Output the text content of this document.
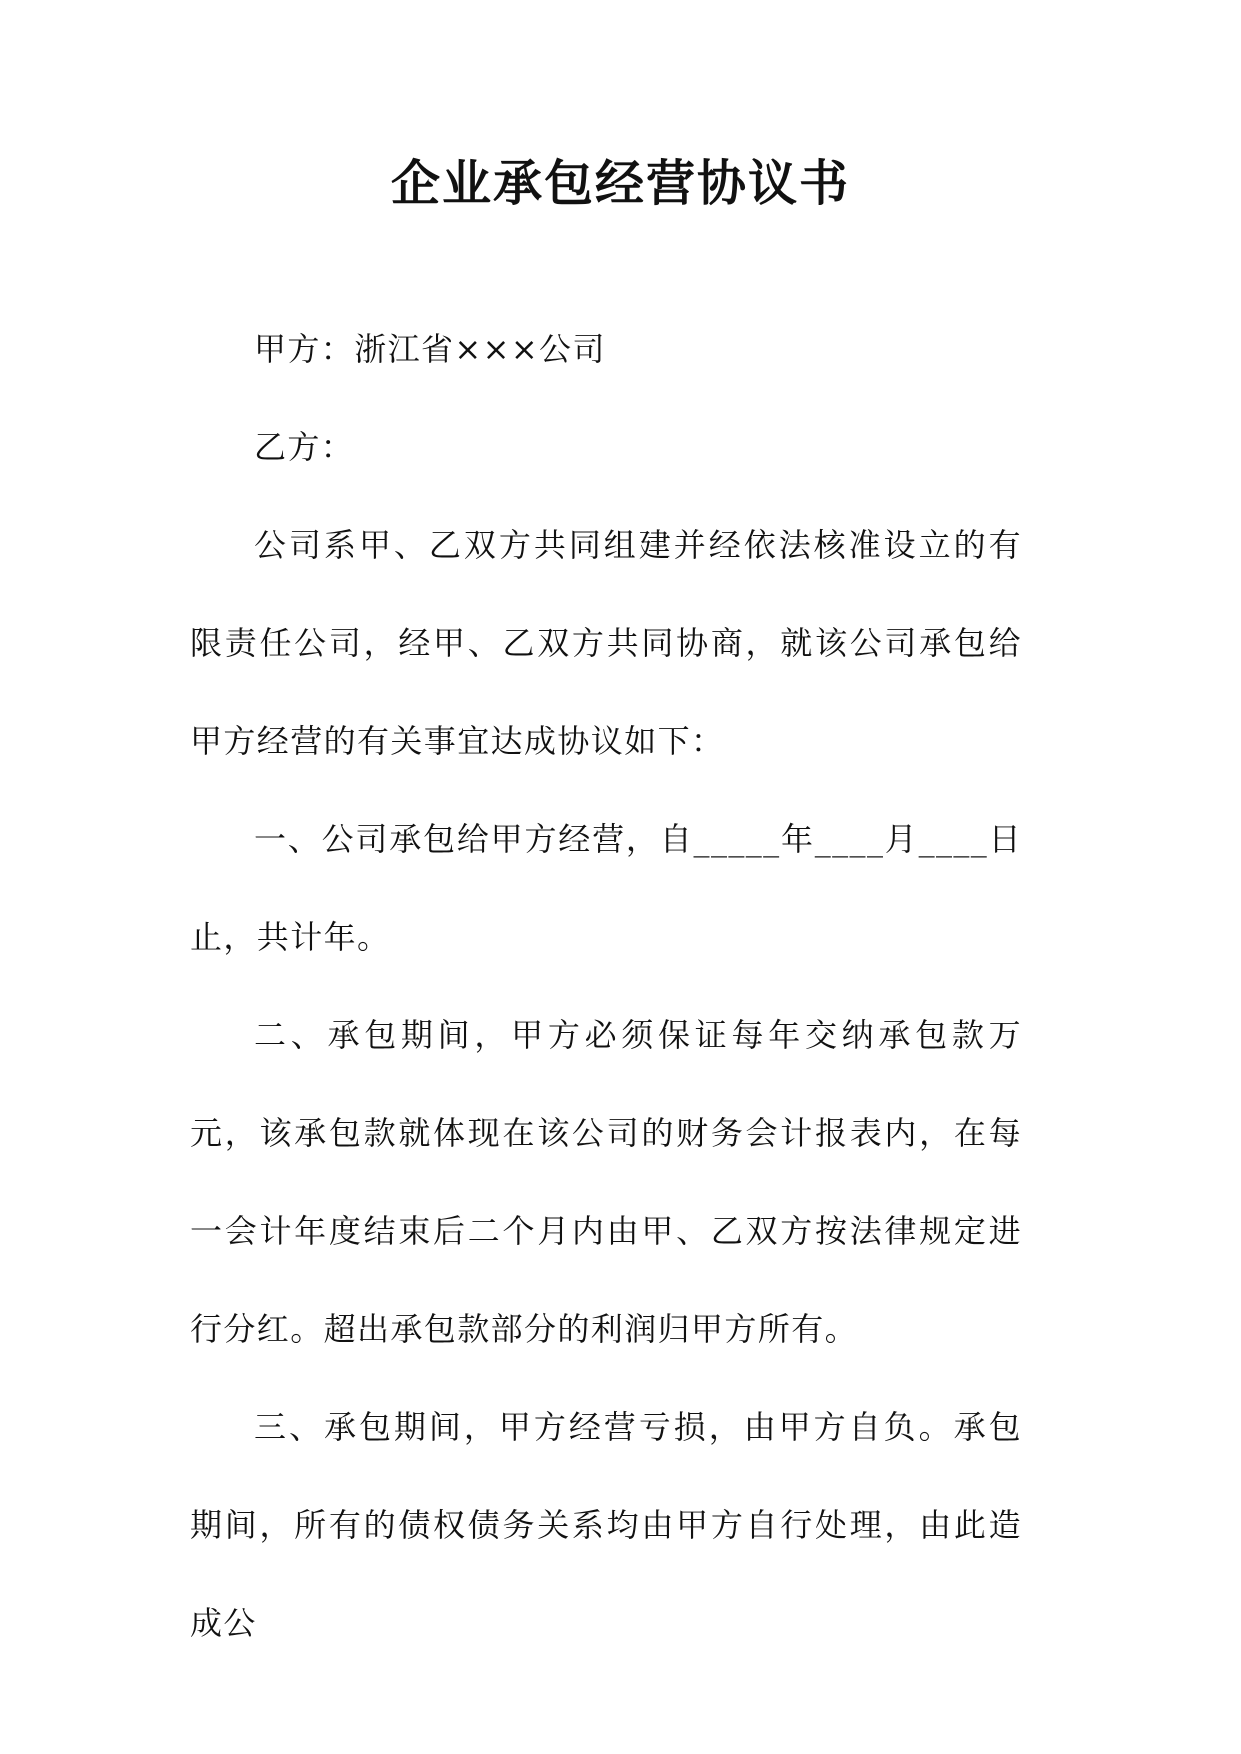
企业承包经营协议书

甲方：浙江省×××公司

乙方：

公司系甲、乙双方共同组建并经依法核准设立的有限责任公司，经甲、乙双方共同协商，就该公司承包给甲方经营的有关事宜达成协议如下：

一、公司承包给甲方经营，自_____年____月____日止，共计年。

二、承包期间，甲方必须保证每年交纳承包款万元，该承包款就体现在该公司的财务会计报表内，在每一会计年度结束后二个月内由甲、乙双方按法律规定进行分红。超出承包款部分的利润归甲方所有。

三、承包期间，甲方经营亏损，由甲方自负。承包期间，所有的债权债务关系均由甲方自行处理，由此造成公
